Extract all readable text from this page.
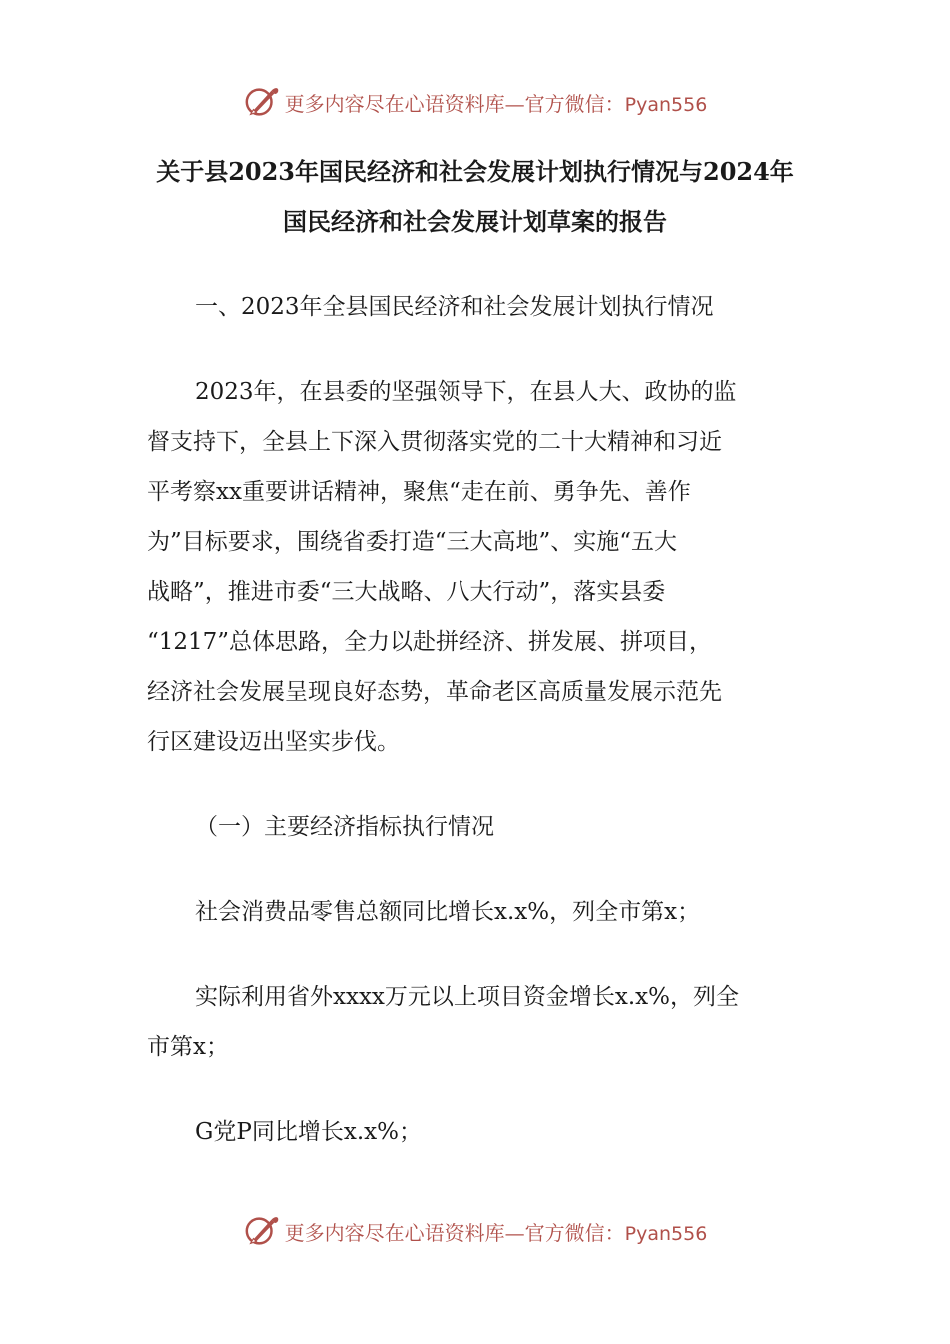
更多内容尽在心语资料库—官方微信：Pyan556
关于县2023年国民经济和社会发展计划执行情况与2024年
国民经济和社会发展计划草案的报告

一、2023年全县国民经济和社会发展计划执行情况

2023年，在县委的坚强领导下，在县人大、政协的监
督支持下，全县上下深入贯彻落实党的二十大精神和习近
平考察xx重要讲话精神，聚焦“走在前、勇争先、善作
为”目标要求，围绕省委打造“三大高地”、实施“五大
战略”，推进市委“三大战略、八大行动”，落实县委
“1217”总体思路，全力以赴拼经济、拼发展、拼项目，
经济社会发展呈现良好态势，革命老区高质量发展示范先
行区建设迈出坚实步伐。

（一）主要经济指标执行情况

社会消费品零售总额同比增长x.x%，列全市第x；

实际利用省外xxxx万元以上项目资金增长x.x%，列全
市第x；

G党P同比增长x.x%；

更多内容尽在心语资料库—官方微信：Pyan556
